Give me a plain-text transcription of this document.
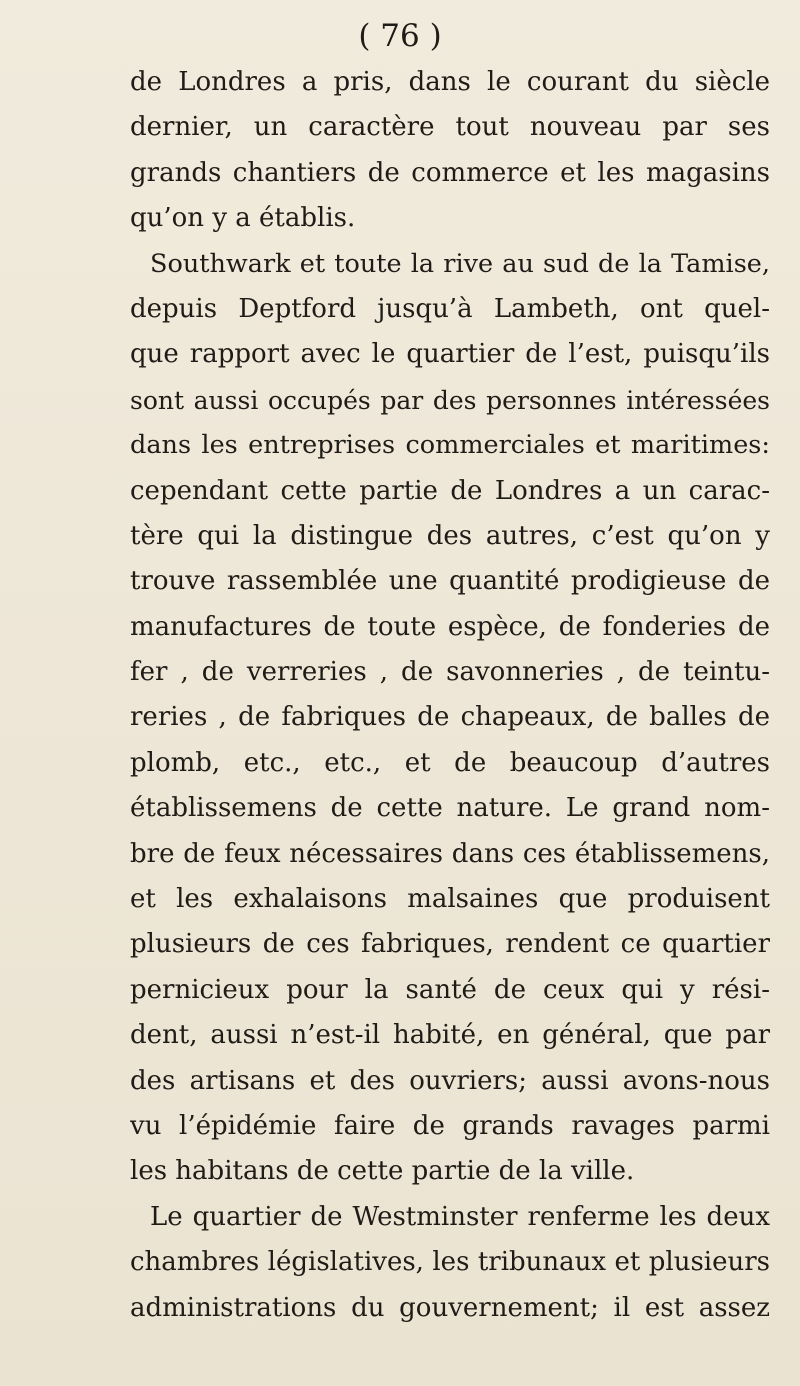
( 76 )
de Londres a pris, dans le courant du siècle
dernier, un caractère tout nouveau par ses
grands chantiers de commerce et les magasins
qu’on y a établis.
Southwark et toute la rive au sud de la Tamise,
depuis Deptford jusqu’à Lambeth, ont quel-
que rapport avec le quartier de l’est, puisqu’ils
sont aussi occupés par des personnes intéressées
dans les entreprises commerciales et maritimes:
cependant cette partie de Londres a un carac-
tère qui la distingue des autres, c’est qu’on y
trouve rassemblée une quantité prodigieuse de
manufactures de toute espèce, de fonderies de
fer , de verreries , de savonneries , de teintu-
reries , de fabriques de chapeaux, de balles de
plomb, etc., etc., et de beaucoup d’autres
établissemens de cette nature. Le grand nom-
bre de feux nécessaires dans ces établissemens,
et les exhalaisons malsaines que produisent
plusieurs de ces fabriques, rendent ce quartier
pernicieux pour la santé de ceux qui y rési-
dent, aussi n’est-il habité, en général, que par
des artisans et des ouvriers; aussi avons-nous
vu l’épidémie faire de grands ravages parmi
les habitans de cette partie de la ville.
Le quartier de Westminster renferme les deux
chambres législatives, les tribunaux et plusieurs
administrations du gouvernement; il est assez
